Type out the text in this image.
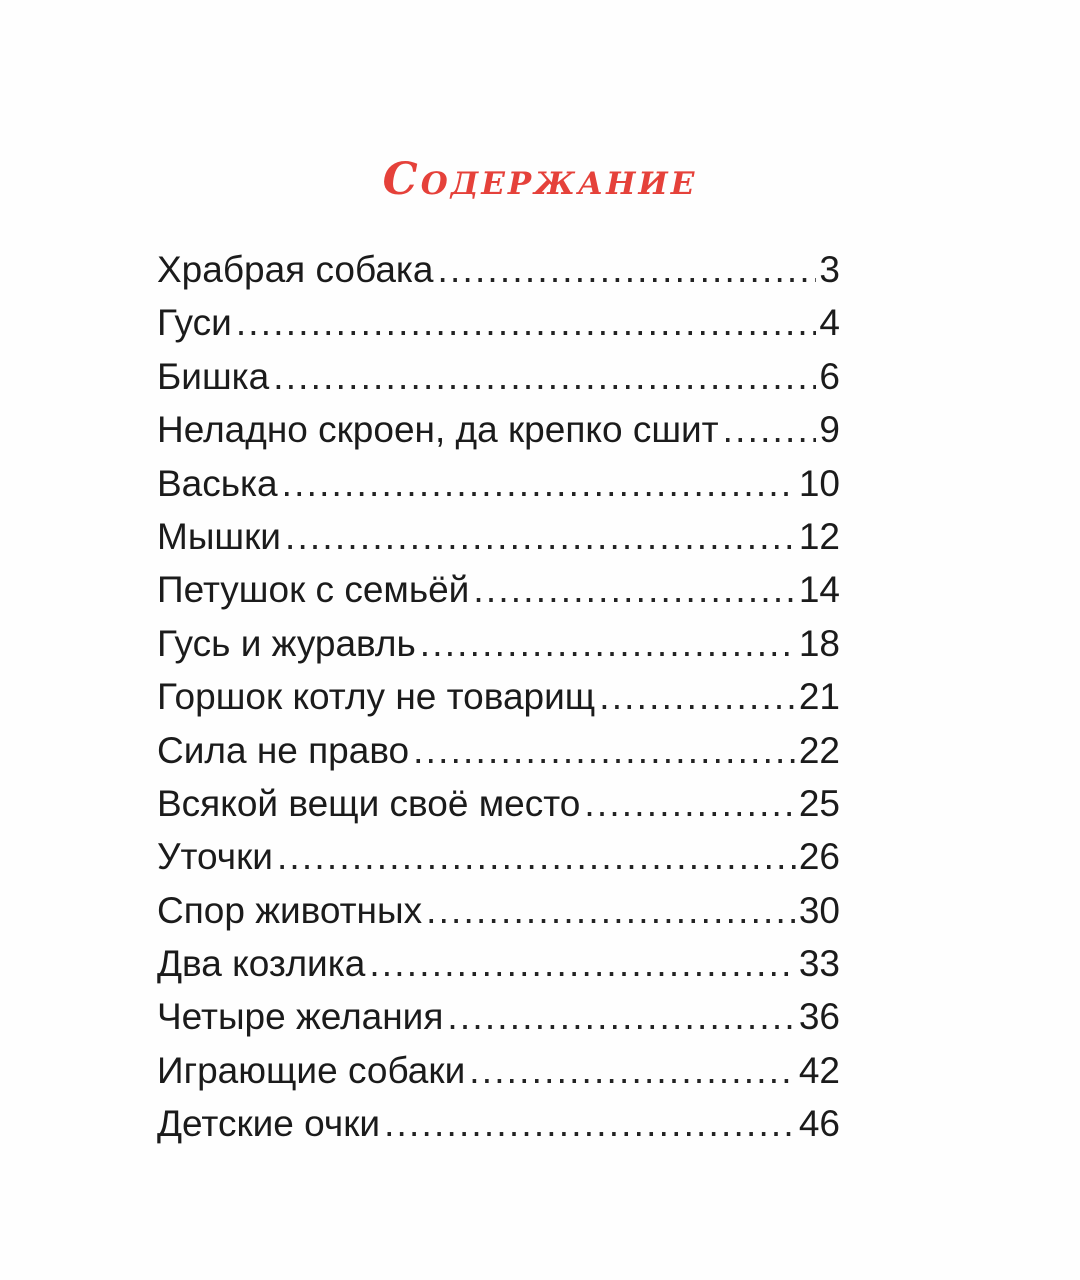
Содержание
Храбрая собака .....	3
Гуси .....	4
Бишка .....	6
Неладно скроен, да крепко сшит .....	9
Васька .....	10
Мышки .....	12
Петушок с семьёй .....	14
Гусь и журавль .....	18
Горшок котлу не товарищ .....	21
Сила не право .....	22
Всякой вещи своё место .....	25
Уточки .....	26
Спор животных .....	30
Два козлика .....	33
Четыре желания .....	36
Играющие собаки .....	42
Детские очки .....	46
